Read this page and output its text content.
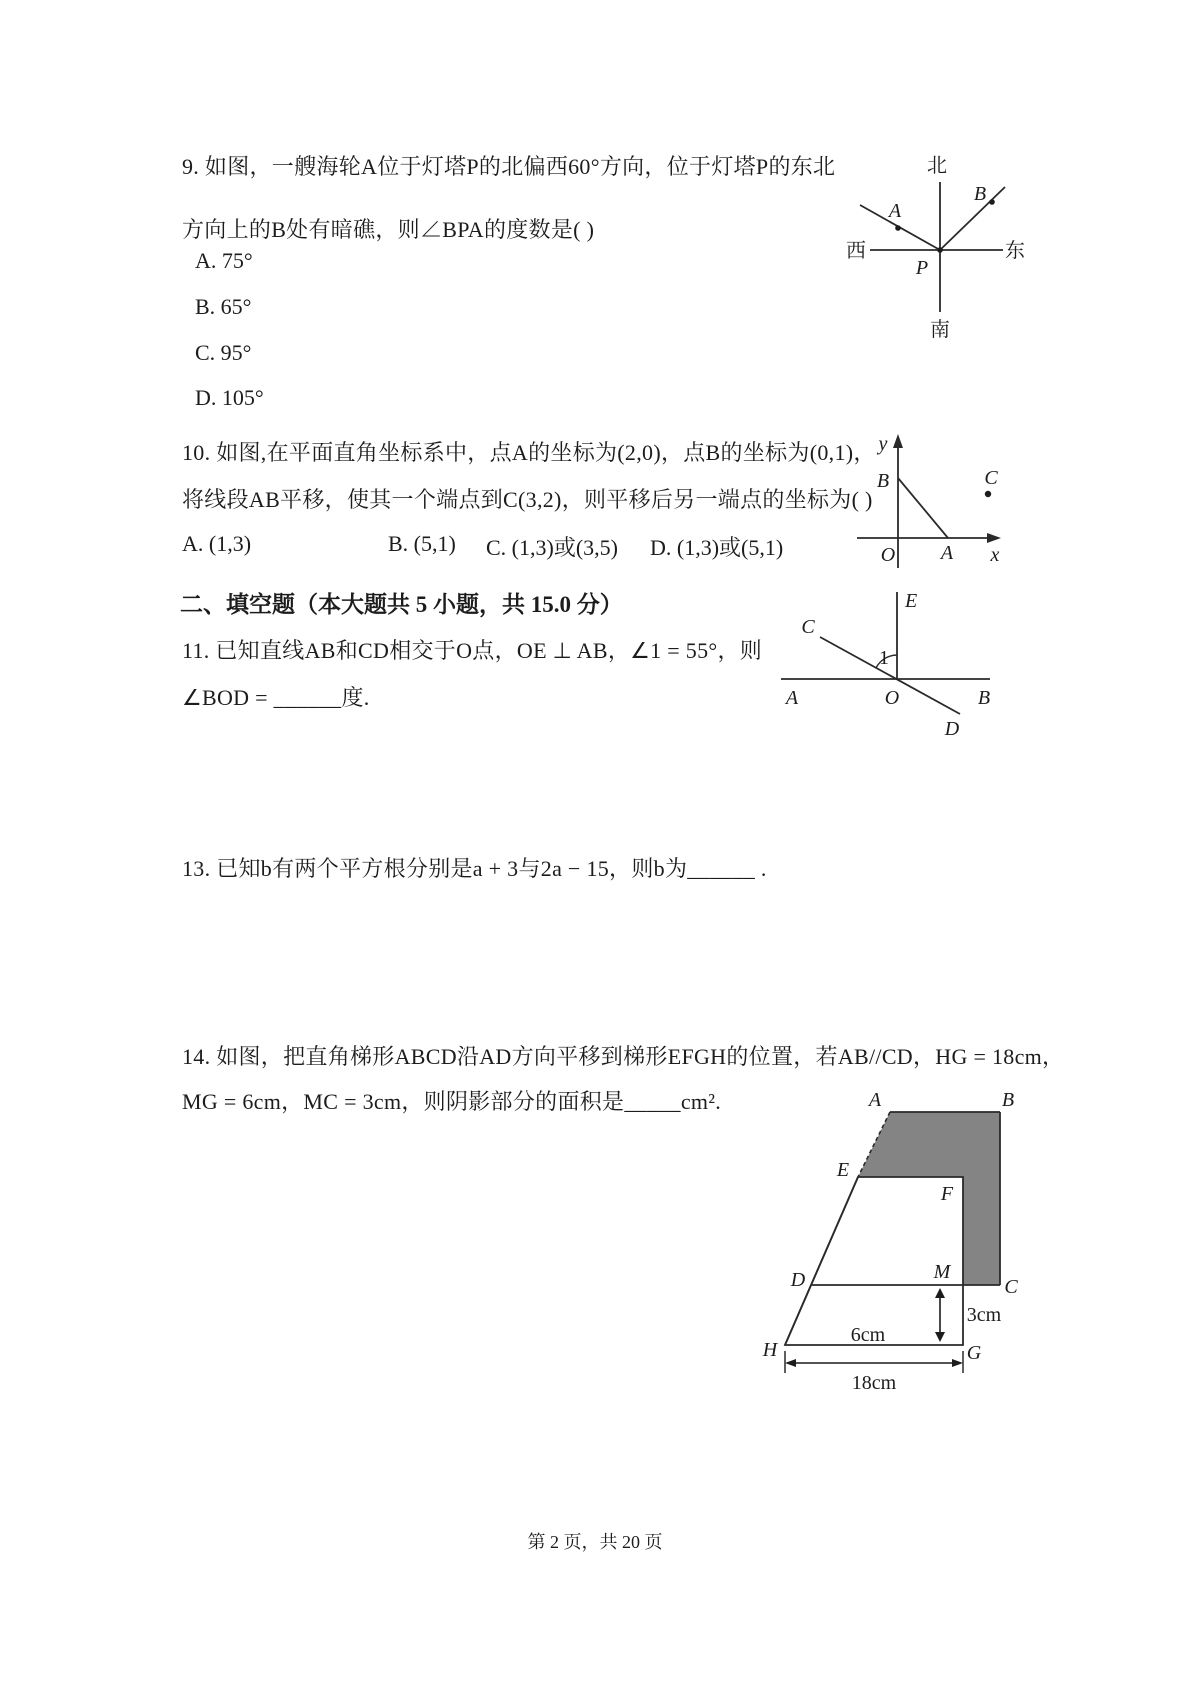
9. 如图，一艘海轮A位于灯塔P的北偏西60°方向，位于灯塔P的东北
方向上的B处有暗礁，则∠BPA的度数是( )
A. 75°
B. 65°
C. 95°
D. 105°
北
南
西	东
A
B
P
10. 如图,在平面直角坐标系中，点A的坐标为(2,0)，点B的坐标为(0,1)，
将线段AB平移，使其一个端点到C(3,2)，则平移后另一端点的坐标为( )
A. (1,3)	B. (5,1) C. (1,3)或(3,5) D. (1,3)或(5,1)
y
x
B
O A
C
二、填空题（本大题共 5 小题，共 15.0 分）
11. 已知直线AB和CD相交于O点，OE ⊥ AB，∠1 = 55°，则
∠BOD = ______度.
C
E
1
A	O	B
D
13. 已知b有两个平方根分别是a + 3与2a − 15，则b为______ .
14. 如图，把直角梯形ABCD沿AD方向平移到梯形EFGH的位置，若AB//CD，HG = 18cm，
MG = 6cm，MC = 3cm，则阴影部分的面积是_____cm².	A	B
E
F
D	M
C
H	G
6cm
3cm
18cm
第 2 页，共 20 页
